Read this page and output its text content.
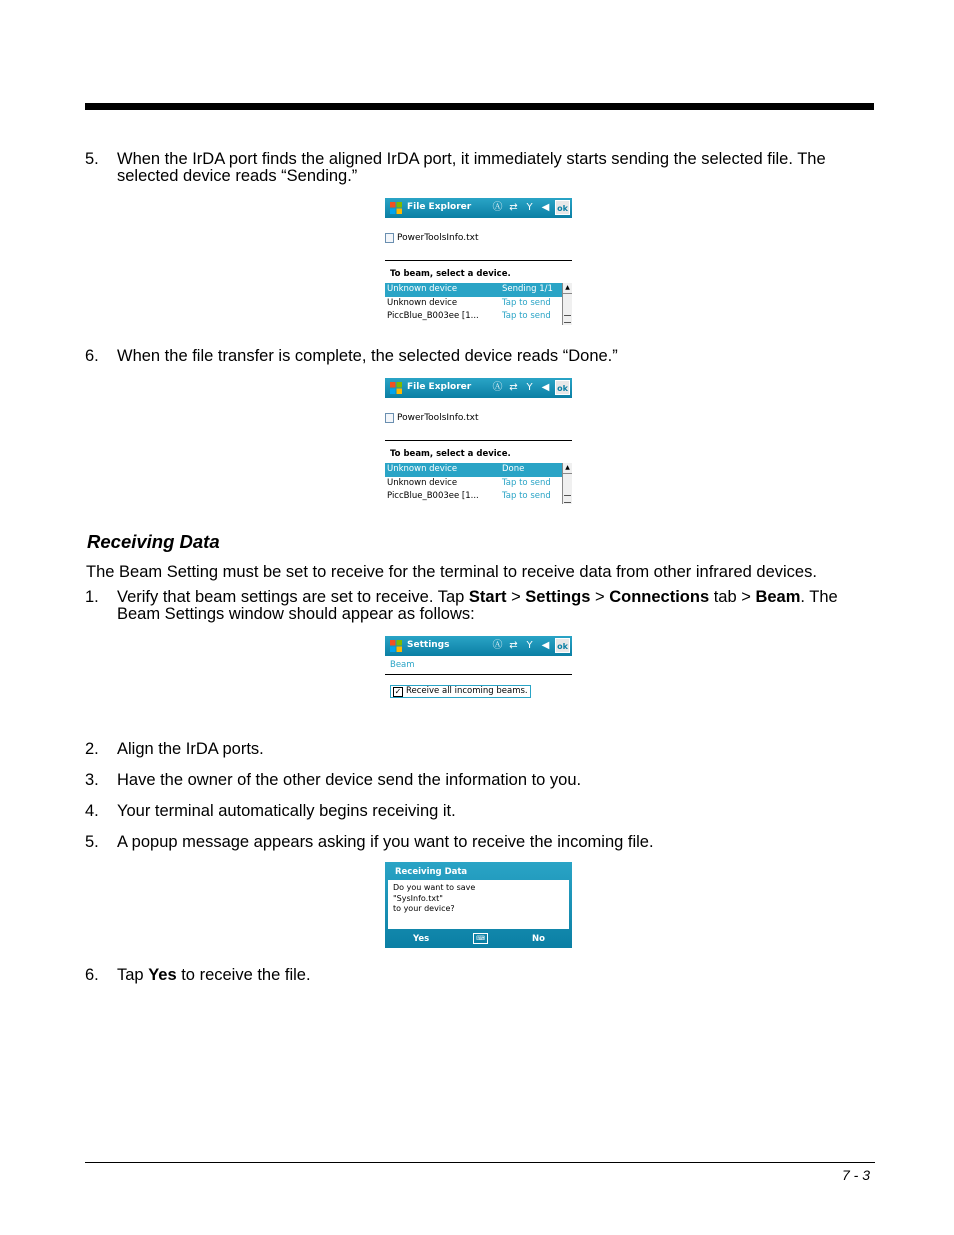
5. When the IrDA port finds the aligned IrDA port, it immediately starts sending the selected file. The selected device reads “Sending.”
File Explorer Ⓐ ⇄ Y ◀ ok
PowerToolsInfo.txt
To beam, select a device.
Unknown device	Sending 1/1
Unknown device	Tap to send
PiccBlue_B003ee [1...	Tap to send
▲
6. When the file transfer is complete, the selected device reads “Done.”
File Explorer Ⓐ ⇄ Y ◀ ok
PowerToolsInfo.txt
To beam, select a device.
Unknown device	Done
Unknown device	Tap to send
PiccBlue_B003ee [1...	Tap to send
▲
Receiving Data
The Beam Setting must be set to receive for the terminal to receive data from other infrared devices.
1. Verify that beam settings are set to receive. Tap Start > Settings > Connections tab > Beam. The Beam Settings window should appear as follows:
Settings	Ⓐ ⇄ Y ◀ ok
Beam
✓ Receive all incoming beams.
2. Align the IrDA ports.
3. Have the owner of the other device send the information to you.
4. Your terminal automatically begins receiving it.
5. A popup message appears asking if you want to receive the incoming file.
Receiving Data
Do you want to save
"SysInfo.txt"
to your device?
Yes	⌨	No
6. Tap Yes to receive the file.
7 - 3
